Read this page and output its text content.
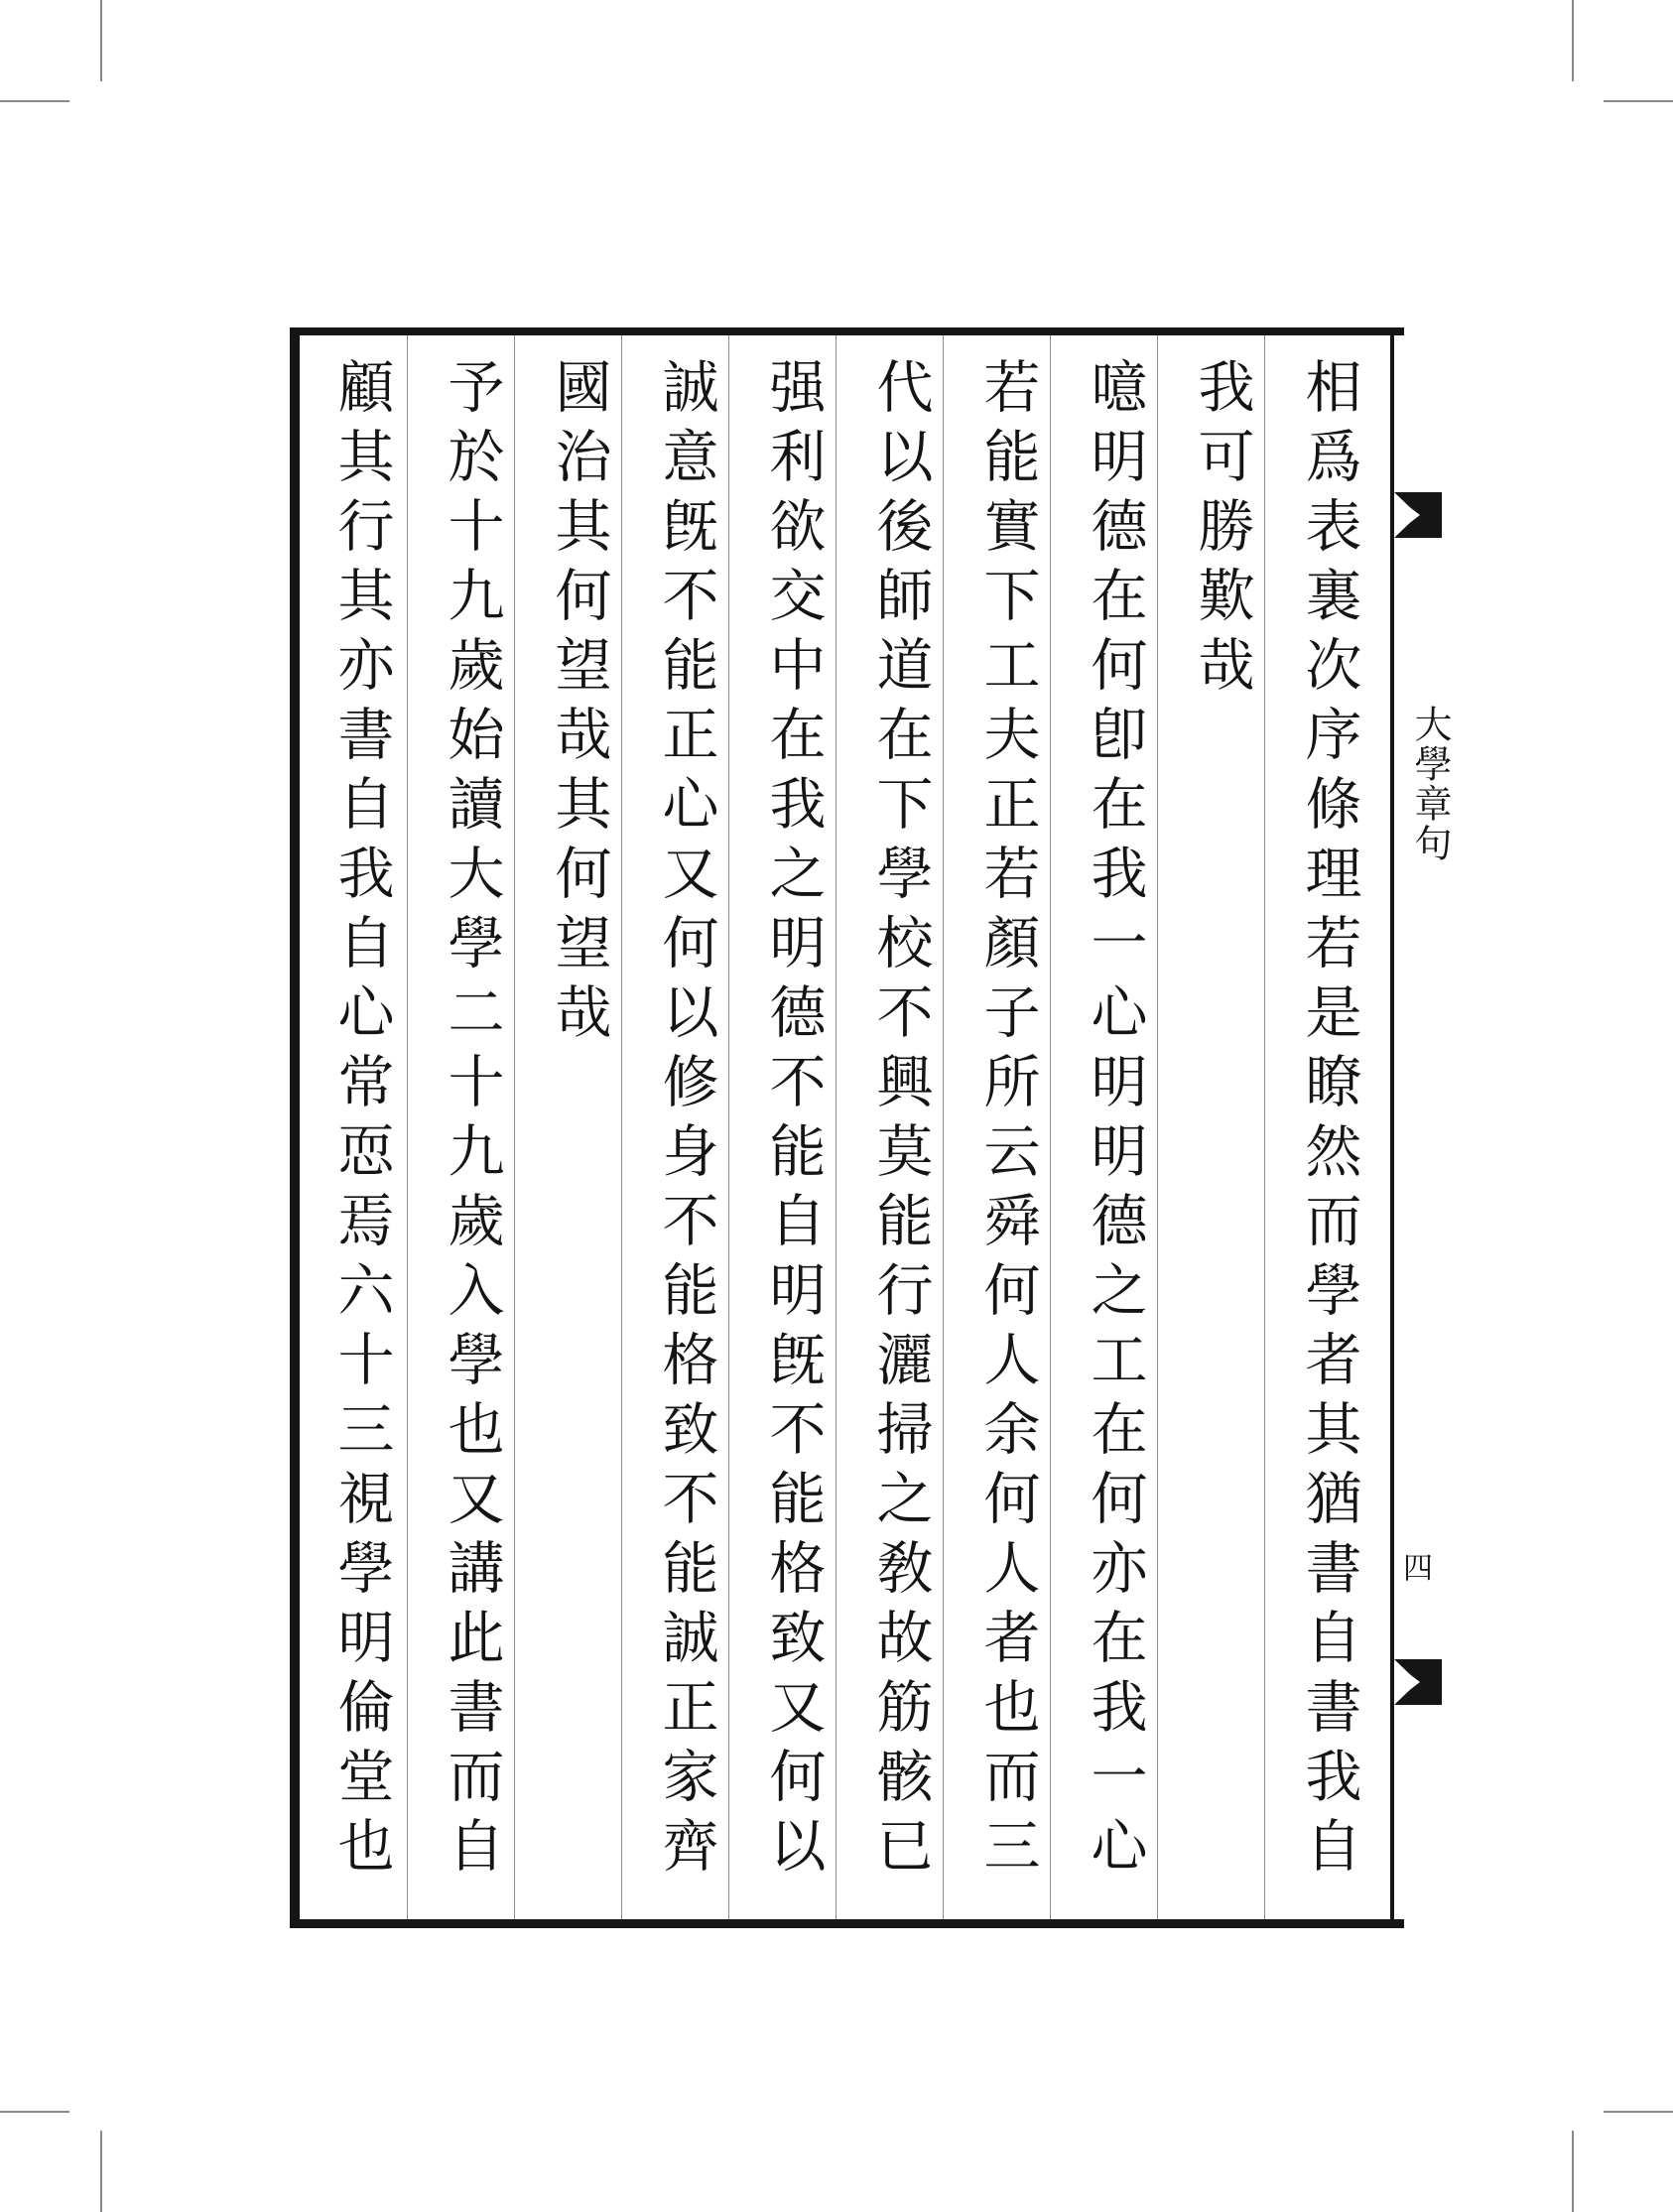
相爲表裏次序條理若是瞭然而學者其猶書自書我自
我可勝歎哉
噫明德在何卽在我一心明明德之工在何亦在我一心
若能實下工夫正若顏子所云舜何人余何人者也而三
代以後師道在下學校不興莫能行灑掃之敎故筋骸已
强利欲交中在我之明德不能自明旣不能格致又何以
誠意旣不能正心又何以修身不能格致不能誠正家齊
國治其何望哉其何望哉
予於十九歲始讀大學二十九歲入學也又講此書而自
顧其行其亦書自我自心常恧焉六十三視學明倫堂也	大學章句
四
